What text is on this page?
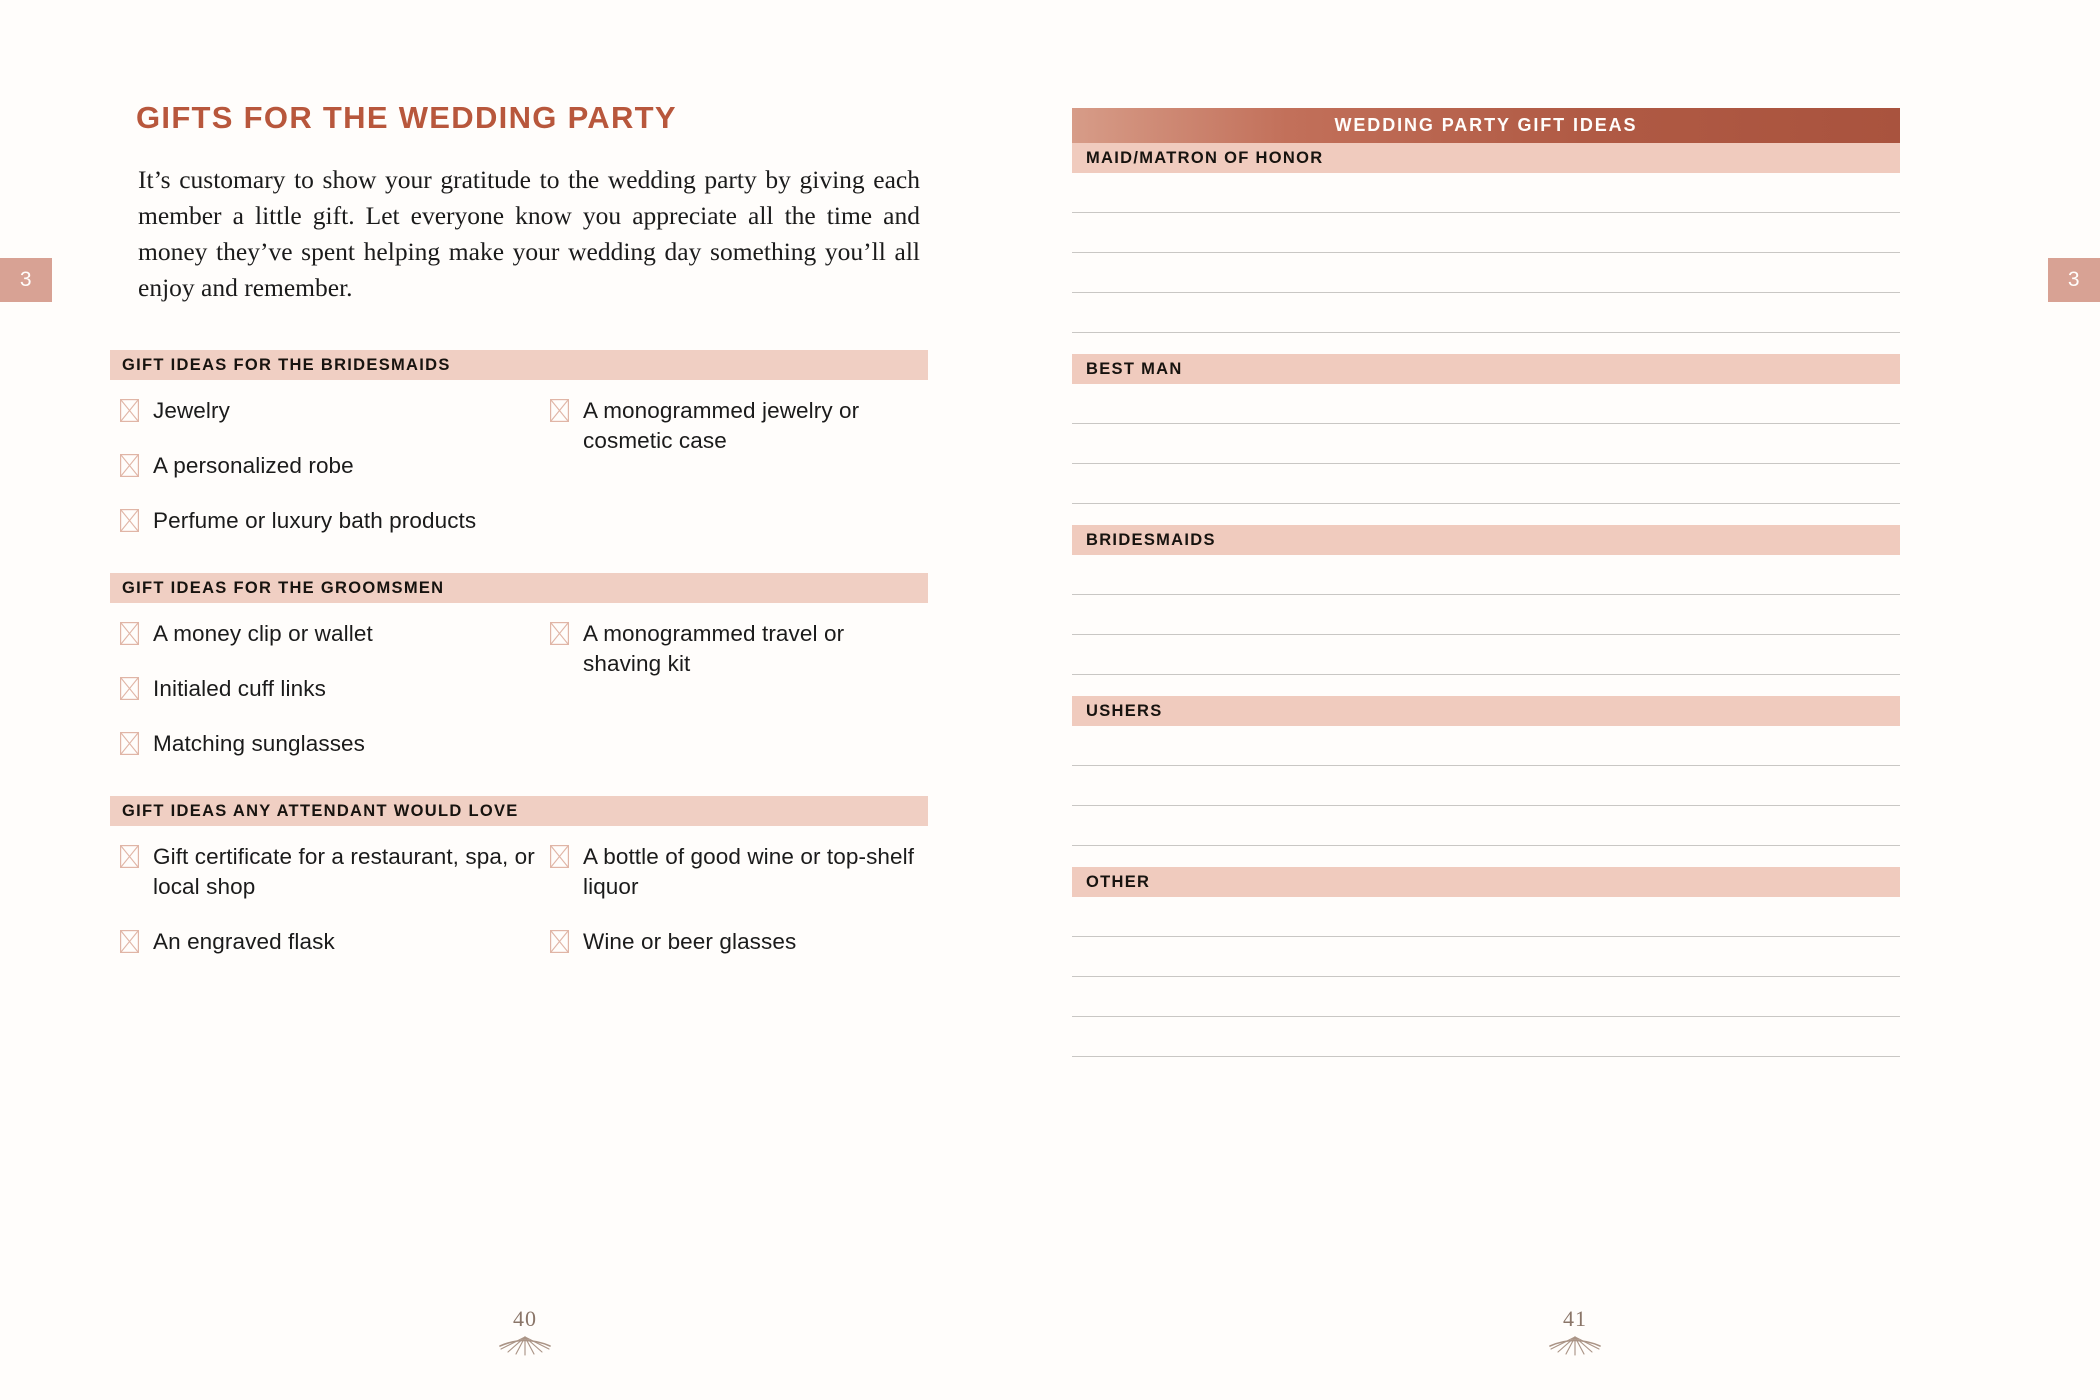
3
GIFTS FOR THE WEDDING PARTY

It’s customary to show your gratitude to the wedding party by giving each member a little gift. Let everyone know you appreciate all the time and money they’ve spent helping make your wedding day something you’ll all enjoy and remember.

GIFT IDEAS FOR THE BRIDESMAIDS
Jewelry
A personalized robe
Perfume or luxury bath products
A monogrammed jewelry or cosmetic case
GIFT IDEAS FOR THE GROOMSMEN
A money clip or wallet
Initialed cuff links
Matching sunglasses
A monogrammed travel or shaving kit
GIFT IDEAS ANY ATTENDANT WOULD LOVE
Gift certificate for a restaurant, spa, or local shop
An engraved flask
A bottle of good wine or top-shelf liquor
Wine or beer glasses
40
3
WEDDING PARTY GIFT IDEAS
MAID/MATRON OF HONOR
BEST MAN
BRIDESMAIDS
USHERS
OTHER
41
